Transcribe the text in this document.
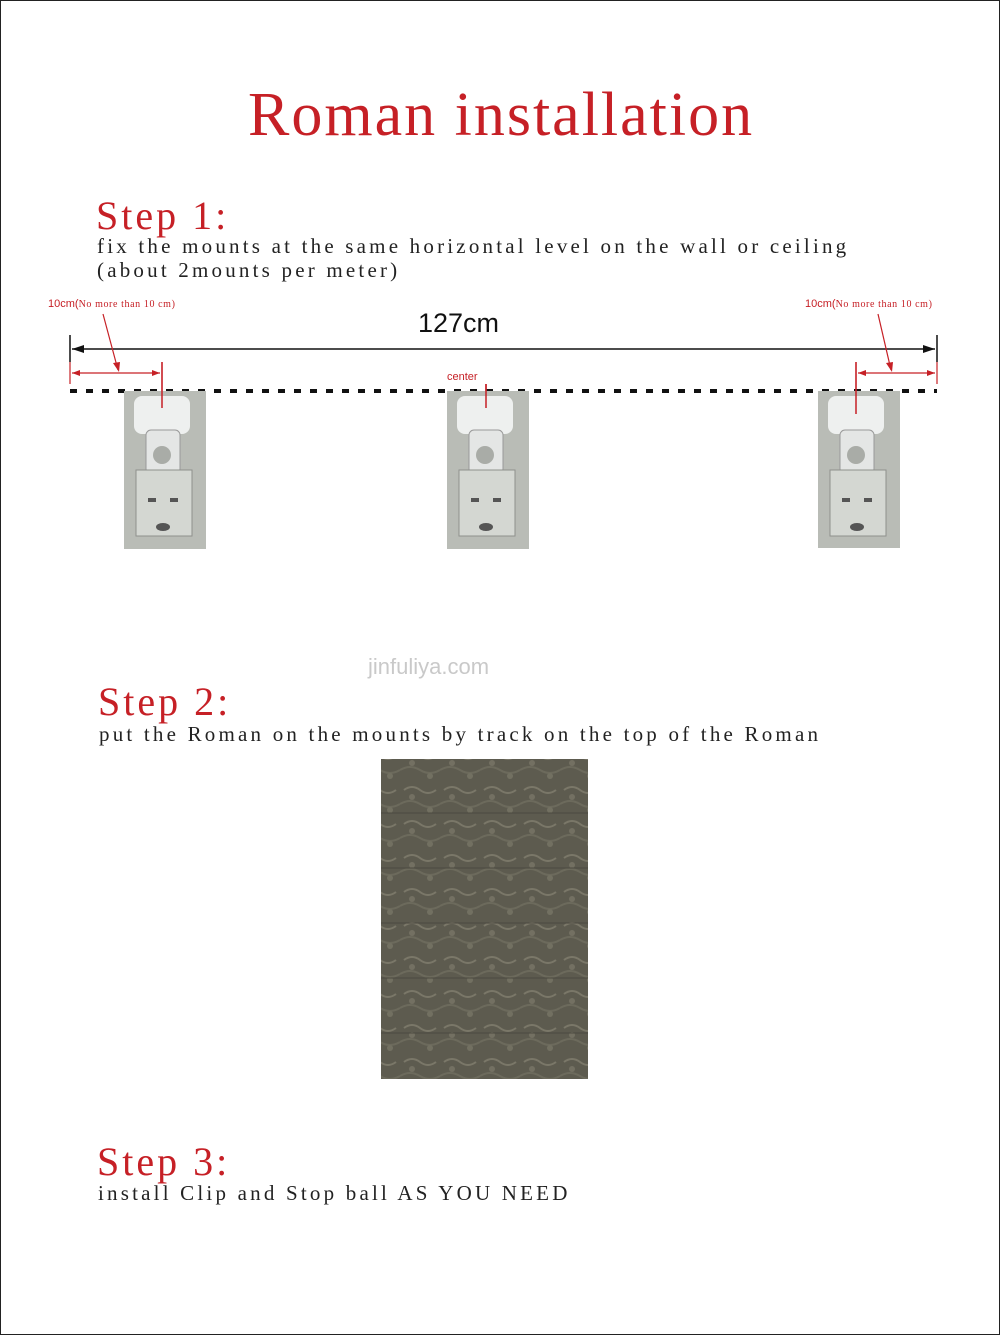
Roman installation
Step 1:
fix the mounts at the same horizontal level on the wall or ceiling
(about 2mounts per meter)
10cm(No more than 10 cm)	10cm(No more than 10 cm)
127cm
center
jinfuliya.com
Step 2:
put the Roman on the mounts by track on the top of the Roman
Step 3:
install Clip and Stop ball AS YOU NEED
